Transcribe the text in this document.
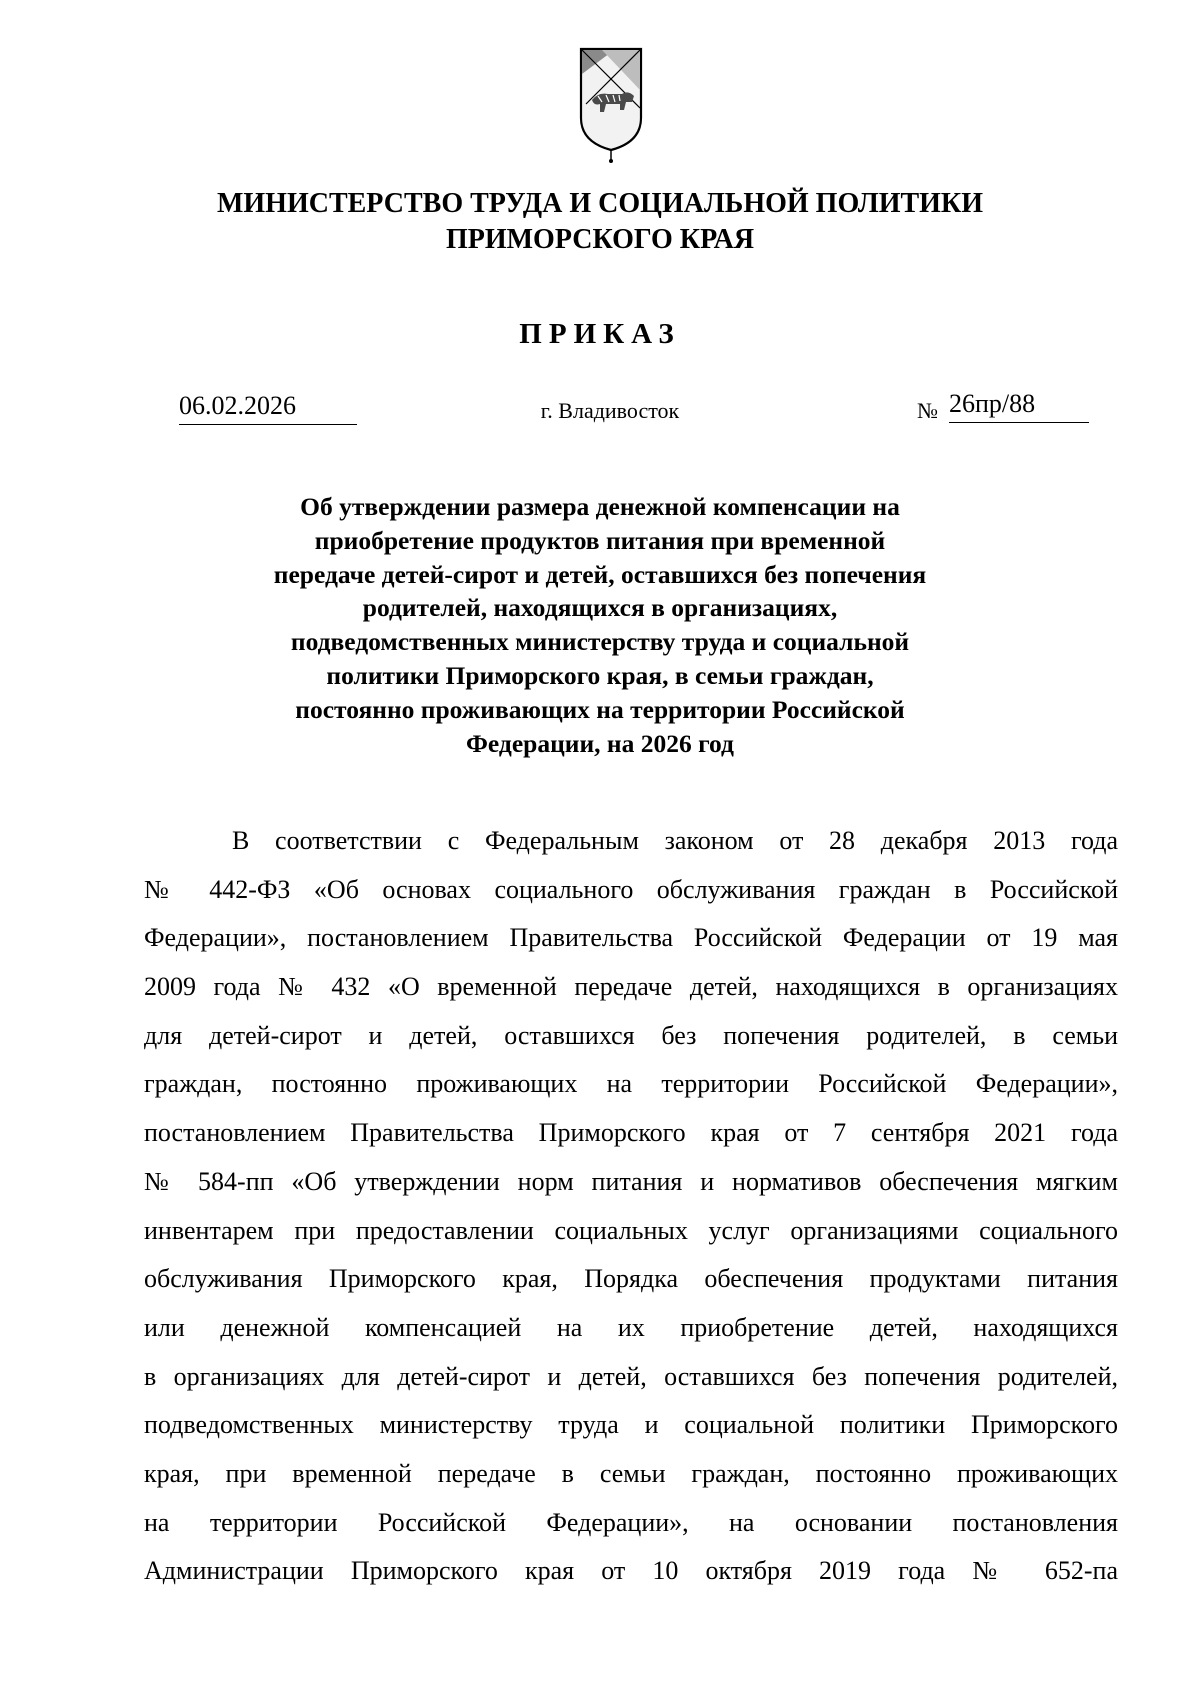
МИНИСТЕРСТВО ТРУДА И СОЦИАЛЬНОЙ ПОЛИТИКИ
ПРИМОРСКОГО КРАЯ
ПРИКАЗ
06.02.2026	г. Владивосток	№ 26пр/88
Об утверждении размера денежной компенсации на
приобретение продуктов питания при временной
передаче детей-сирот и детей, оставшихся без попечения
родителей, находящихся в организациях,
подведомственных министерству труда и социальной
политики Приморского края, в семьи граждан,
постоянно проживающих на территории Российской
Федерации, на 2026 год
В соответствии с Федеральным законом от 28 декабря 2013 года
№ 442-ФЗ «Об основах социального обслуживания граждан в Российской
Федерации», постановлением Правительства Российской Федерации от 19 мая
2009 года № 432 «О временной передаче детей, находящихся в организациях
для детей-сирот и детей, оставшихся без попечения родителей, в семьи
граждан, постоянно проживающих на территории Российской Федерации»,
постановлением Правительства Приморского края от 7 сентября 2021 года
№ 584-пп «Об утверждении норм питания и нормативов обеспечения мягким
инвентарем при предоставлении социальных услуг организациями социального
обслуживания Приморского края, Порядка обеспечения продуктами питания
или денежной компенсацией на их приобретение детей, находящихся
в организациях для детей-сирот и детей, оставшихся без попечения родителей,
подведомственных министерству труда и социальной политики Приморского
края, при временной передаче в семьи граждан, постоянно проживающих
на территории Российской Федерации», на основании постановления
Администрации Приморского края от 10 октября 2019 года № 652-па
